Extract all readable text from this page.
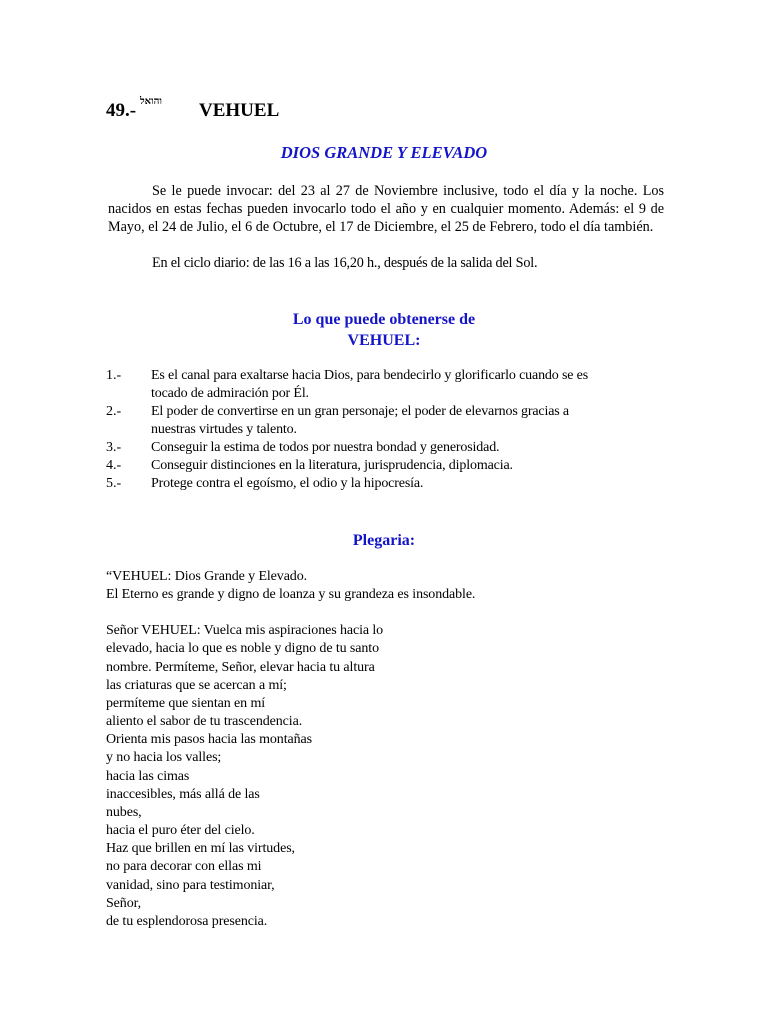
49.- והואל VEHUEL
DIOS GRANDE Y ELEVADO
Se le puede invocar: del 23 al 27 de Noviembre inclusive, todo el día y la noche. Los nacidos en estas fechas pueden invocarlo todo el año y en cualquier momento. Además: el 9 de Mayo, el 24 de Julio, el 6 de Octubre, el 17 de Diciembre, el 25 de Febrero, todo el día también.
En el ciclo diario: de las 16 a las 16,20 h., después de la salida del Sol.
Lo que puede obtenerse de
VEHUEL:
1.- Es el canal para exaltarse hacia Dios, para bendecirlo y glorificarlo cuando se es
tocado de admiración por Él.
2.- El poder de convertirse en un gran personaje; el poder de elevarnos gracias a
nuestras virtudes y talento.
3.- Conseguir la estima de todos por nuestra bondad y generosidad.
4.- Conseguir distinciones en la literatura, jurisprudencia, diplomacia.
5.- Protege contra el egoísmo, el odio y la hipocresía.
Plegaria:
“VEHUEL: Dios Grande y Elevado.
El Eterno es grande y digno de loanza y su grandeza es insondable.
Señor VEHUEL: Vuelca mis aspiraciones hacia lo
elevado, hacia lo que es noble y digno de tu santo
nombre. Permíteme, Señor, elevar hacia tu altura
las criaturas que se acercan a mí;
permíteme que sientan en mí
aliento el sabor de tu trascendencia.
Orienta mis pasos hacia las montañas
y no hacia los valles;
hacia las cimas
inaccesibles, más allá de las
nubes,
hacia el puro éter del cielo.
Haz que brillen en mí las virtudes,
no para decorar con ellas mi
vanidad, sino para testimoniar,
Señor,
de tu esplendorosa presencia.
